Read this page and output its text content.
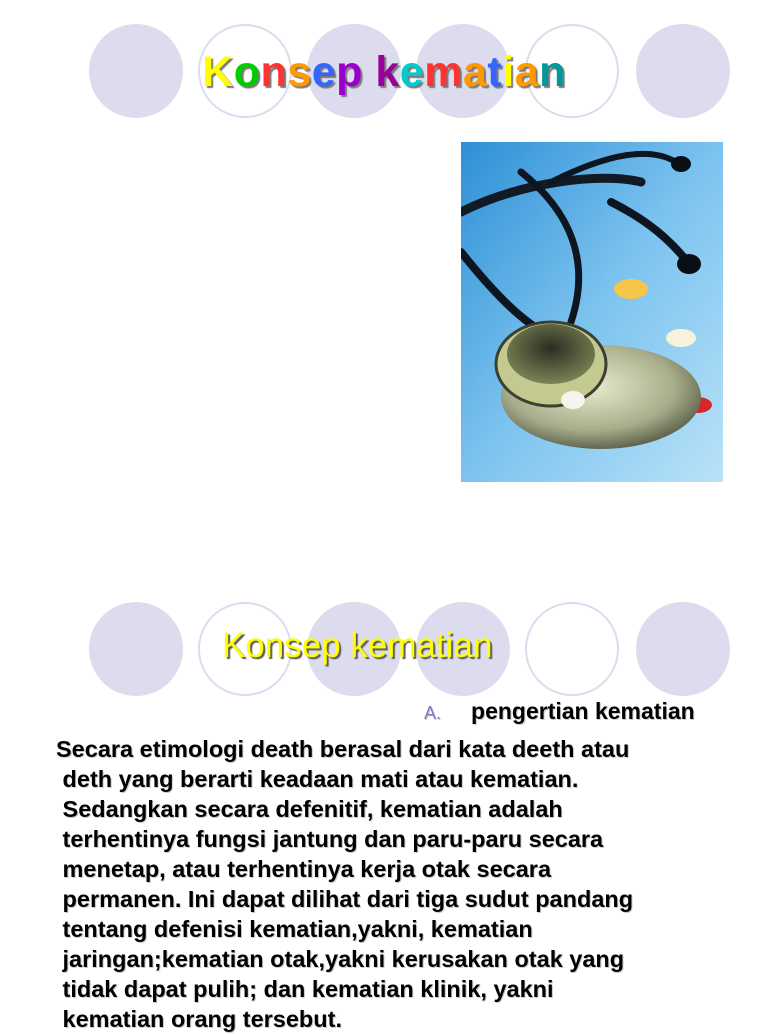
Konsep kematian
Konsep kematian
A. pengertian kematian
Secara etimologi death berasal dari kata deeth atau
deth yang berarti keadaan mati atau kematian.
Sedangkan secara defenitif, kematian adalah
terhentinya fungsi jantung dan paru-paru secara
menetap, atau terhentinya kerja otak secara
permanen. Ini dapat dilihat dari tiga sudut pandang
tentang defenisi kematian,yakni, kematian
jaringan;kematian otak,yakni kerusakan otak yang
tidak dapat pulih; dan kematian klinik, yakni
kematian orang tersebut.
